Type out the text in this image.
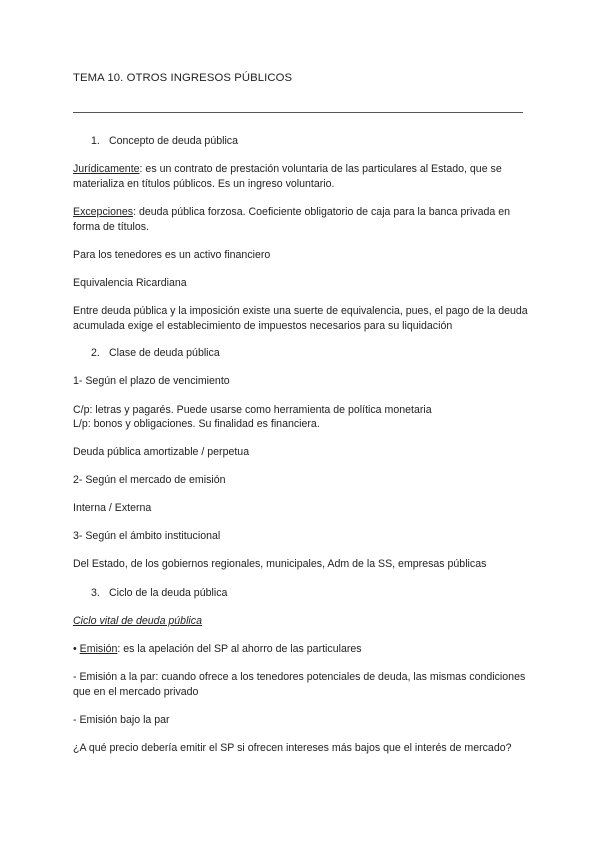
TEMA 10. OTROS INGRESOS PÚBLICOS
1. Concepto de deuda pública
Jurídicamente: es un contrato de prestación voluntaria de las particulares al Estado, que se materializa en títulos públicos. Es un ingreso voluntario.
Excepciones: deuda pública forzosa. Coeficiente obligatorio de caja para la banca privada en forma de títulos.
Para los tenedores es un activo financiero
Equivalencia Ricardiana
Entre deuda pública y la imposición existe una suerte de equivalencia, pues, el pago de la deuda acumulada exige el establecimiento de impuestos necesarios para su liquidación
2. Clase de deuda pública
1- Según el plazo de vencimiento
C/p: letras y pagarés. Puede usarse como herramienta de política monetaria
L/p: bonos y obligaciones. Su finalidad es financiera.
Deuda pública amortizable / perpetua
2- Según el mercado de emisión
Interna / Externa
3- Según el ámbito institucional
Del Estado, de los gobiernos regionales, municipales, Adm de la SS, empresas públicas
3. Ciclo de la deuda pública
Ciclo vital de deuda pública
• Emisión: es la apelación del SP al ahorro de las particulares
- Emisión a la par: cuando ofrece a los tenedores potenciales de deuda, las mismas condiciones que en el mercado privado
- Emisión bajo la par
¿A qué precio debería emitir el SP si ofrecen intereses más bajos que el interés de mercado?
